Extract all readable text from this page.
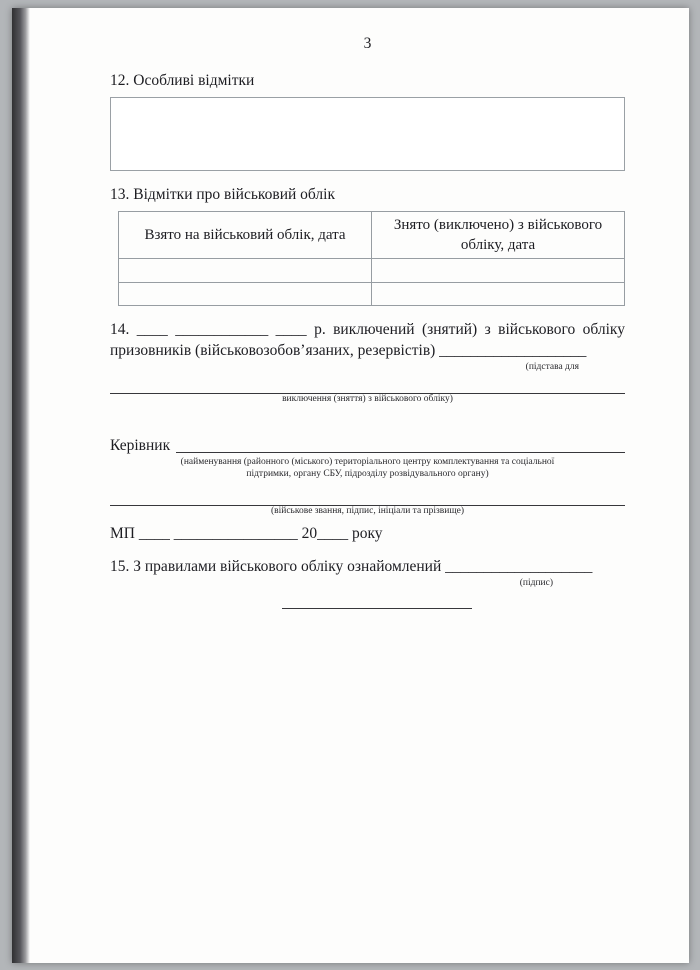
3
12. Особливі відмітки
13. Відмітки про військовий облік
Взято на військовий облік, дата	Знято (виключено) з військового обліку, дата

14. ____ ____________ ____ р. виключений (знятий) з військового обліку призовників (військовозобов’язаних, резервістів) ___________________
(підстава для
виключення (зняття) з військового обліку)
Керівник
(найменування (районного (міського) територіального центру комплектування та соціальної
підтримки, органу СБУ, підрозділу розвідувального органу)
(військове звання, підпис, ініціали та прізвище)
МП ____ ________________ 20____ року
15. З правилами військового обліку ознайомлений ___________________
(підпис)
